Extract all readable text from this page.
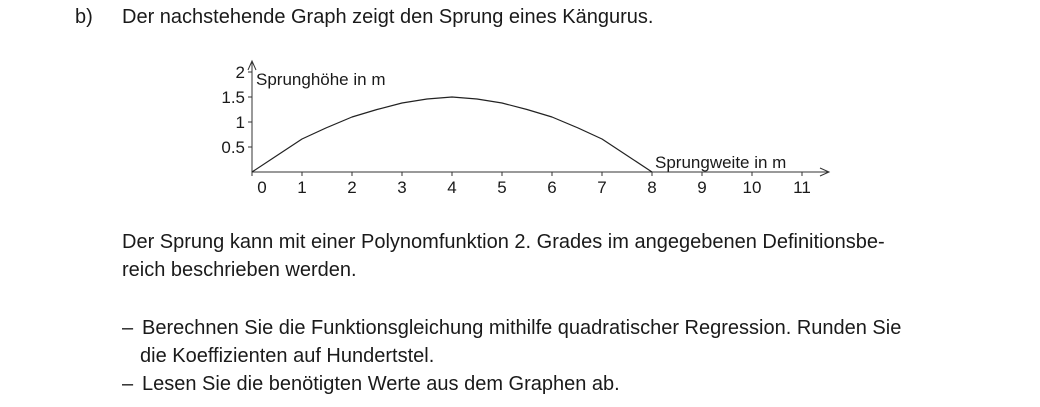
b) Der nachstehende Graph zeigt den Sprung eines Kängurus.
0 1 2 3 4 5 6 7 8 9 10 11
0.5
1
1.5
2 Sprunghöhe in m
Sprungweite in m
Der Sprung kann mit einer Polynomfunktion 2. Grades im angegebenen Definitionsbe-
reich beschrieben werden.
– Berechnen Sie die Funktionsgleichung mithilfe quadratischer Regression. Runden Sie
die Koeffizienten auf Hundertstel.
– Lesen Sie die benötigten Werte aus dem Graphen ab.
